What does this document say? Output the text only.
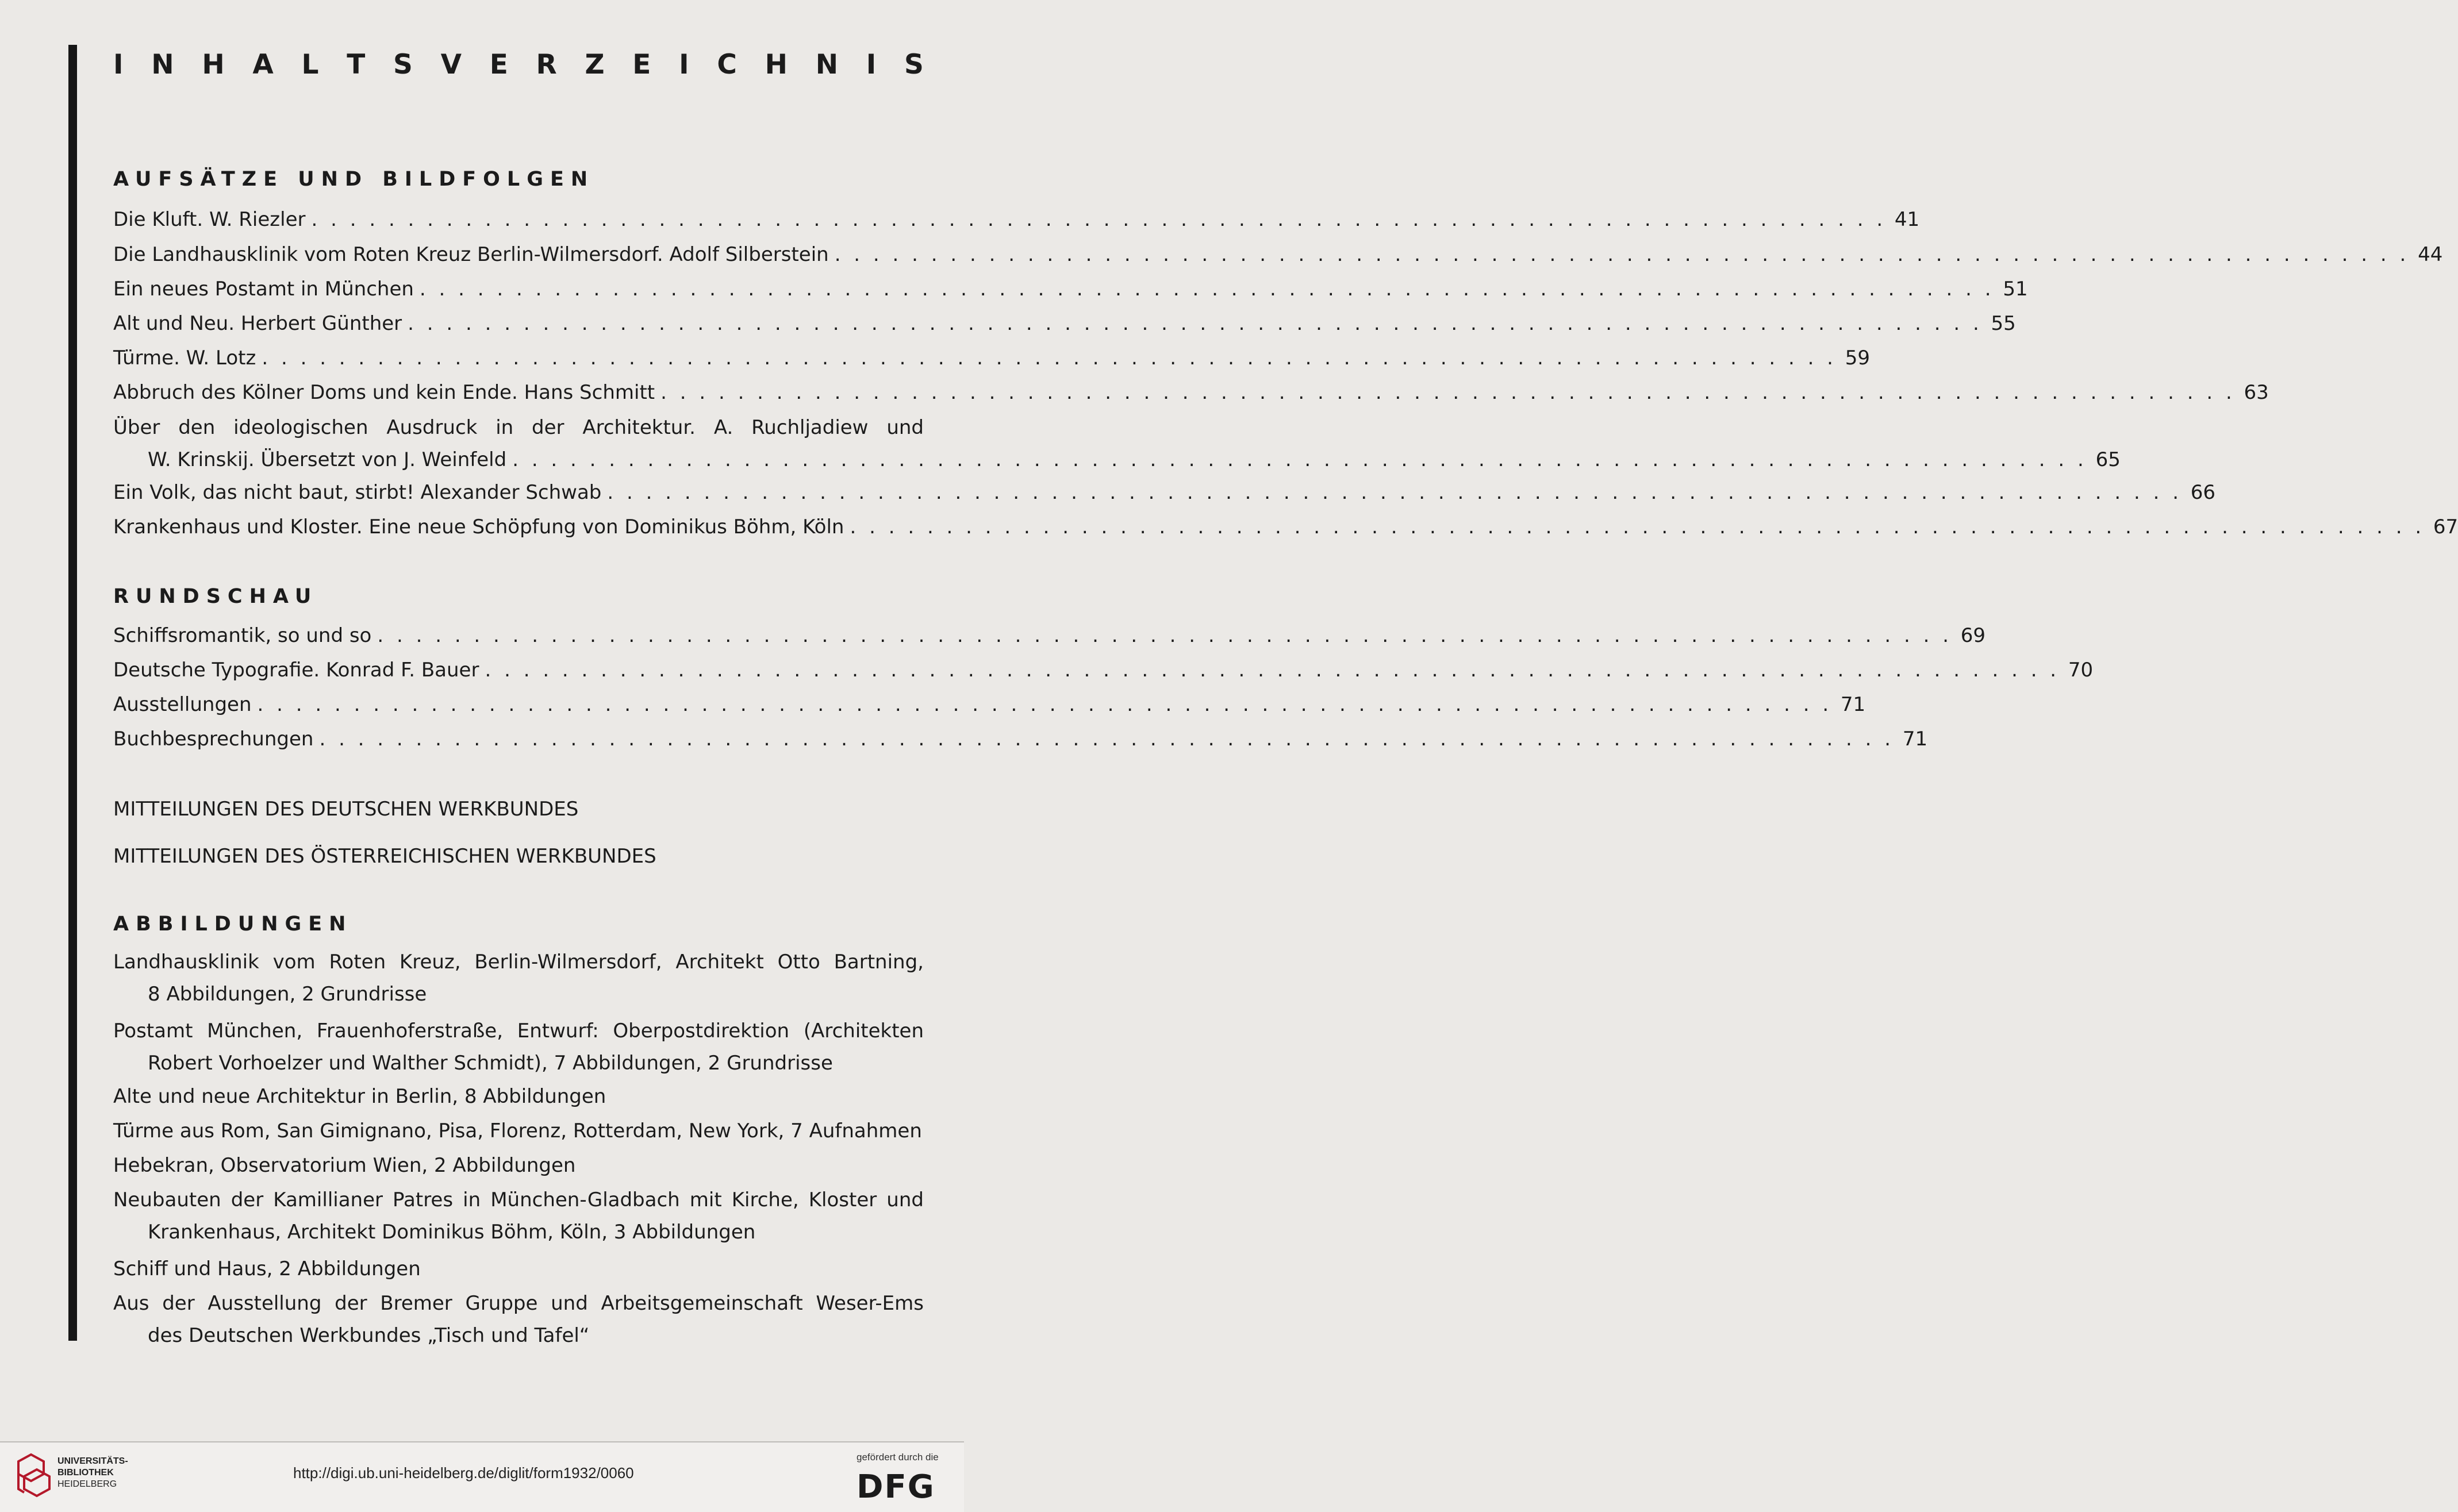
I N H A L T S V E R Z E I C H N I S
AUFSÄTZE UND BILDFOLGEN
Die Kluft. W. Riezler . . . . . . . . . . . . . . . . . . . . . . . . . . . . . . . . . . . . . . . . . . . . . . . . . . . . . . . . . . . . . . . . . . . . . . . . . . . . . . . . . . 41
Die Landhausklinik vom Roten Kreuz Berlin-Wilmersdorf. Adolf Silberstein . . . . . . . . . . . . . . . . . . . . . . . . . . . . . . . . . . . . . . . . . . . . . . . . . . . . . . . . . . . . . . . . . . . . . . . . . . . . . . . . . . 44
Ein neues Postamt in München . . . . . . . . . . . . . . . . . . . . . . . . . . . . . . . . . . . . . . . . . . . . . . . . . . . . . . . . . . . . . . . . . . . . . . . . . . . . . . . . . . 51
Alt und Neu. Herbert Günther . . . . . . . . . . . . . . . . . . . . . . . . . . . . . . . . . . . . . . . . . . . . . . . . . . . . . . . . . . . . . . . . . . . . . . . . . . . . . . . . . . 55
Türme. W. Lotz . . . . . . . . . . . . . . . . . . . . . . . . . . . . . . . . . . . . . . . . . . . . . . . . . . . . . . . . . . . . . . . . . . . . . . . . . . . . . . . . . . 59
Abbruch des Kölner Doms und kein Ende. Hans Schmitt . . . . . . . . . . . . . . . . . . . . . . . . . . . . . . . . . . . . . . . . . . . . . . . . . . . . . . . . . . . . . . . . . . . . . . . . . . . . . . . . . . 63
Über den ideologischen Ausdruck in der Architektur. A. Ruchljadiew und
W. Krinskij. Übersetzt von J. Weinfeld . . . . . . . . . . . . . . . . . . . . . . . . . . . . . . . . . . . . . . . . . . . . . . . . . . . . . . . . . . . . . . . . . . . . . . . . . . . . . . . . . . 65
Ein Volk, das nicht baut, stirbt! Alexander Schwab . . . . . . . . . . . . . . . . . . . . . . . . . . . . . . . . . . . . . . . . . . . . . . . . . . . . . . . . . . . . . . . . . . . . . . . . . . . . . . . . . . 66
Krankenhaus und Kloster. Eine neue Schöpfung von Dominikus Böhm, Köln . . . . . . . . . . . . . . . . . . . . . . . . . . . . . . . . . . . . . . . . . . . . . . . . . . . . . . . . . . . . . . . . . . . . . . . . . . . . . . . . . . 67
RUNDSCHAU
Schiffsromantik, so und so . . . . . . . . . . . . . . . . . . . . . . . . . . . . . . . . . . . . . . . . . . . . . . . . . . . . . . . . . . . . . . . . . . . . . . . . . . . . . . . . . . 69
Deutsche Typografie. Konrad F. Bauer . . . . . . . . . . . . . . . . . . . . . . . . . . . . . . . . . . . . . . . . . . . . . . . . . . . . . . . . . . . . . . . . . . . . . . . . . . . . . . . . . . 70
Ausstellungen . . . . . . . . . . . . . . . . . . . . . . . . . . . . . . . . . . . . . . . . . . . . . . . . . . . . . . . . . . . . . . . . . . . . . . . . . . . . . . . . . . 71
Buchbesprechungen . . . . . . . . . . . . . . . . . . . . . . . . . . . . . . . . . . . . . . . . . . . . . . . . . . . . . . . . . . . . . . . . . . . . . . . . . . . . . . . . . . 71
MITTEILUNGEN DES DEUTSCHEN WERKBUNDES
MITTEILUNGEN DES ÖSTERREICHISCHEN WERKBUNDES
ABBILDUNGEN
Landhausklinik vom Roten Kreuz, Berlin-Wilmersdorf, Architekt Otto Bartning,
8 Abbildungen, 2 Grundrisse
Postamt München, Frauenhoferstraße, Entwurf: Oberpostdirektion (Architekten
Robert Vorhoelzer und Walther Schmidt), 7 Abbildungen, 2 Grundrisse
Alte und neue Architektur in Berlin, 8 Abbildungen
Türme aus Rom, San Gimignano, Pisa, Florenz, Rotterdam, New York, 7 Aufnahmen
Hebekran, Observatorium Wien, 2 Abbildungen
Neubauten der Kamillianer Patres in München-Gladbach mit Kirche, Kloster und
Krankenhaus, Architekt Dominikus Böhm, Köln, 3 Abbildungen
Schiff und Haus, 2 Abbildungen
Aus der Ausstellung der Bremer Gruppe und Arbeitsgemeinschaft Weser-Ems
des Deutschen Werkbundes „Tisch und Tafel“
UNIVERSITÄTS-
BIBLIOTHEK
HEIDELBERG
http://digi.ub.uni-heidelberg.de/diglit/form1932/0060
gefördert durch die
DFG
